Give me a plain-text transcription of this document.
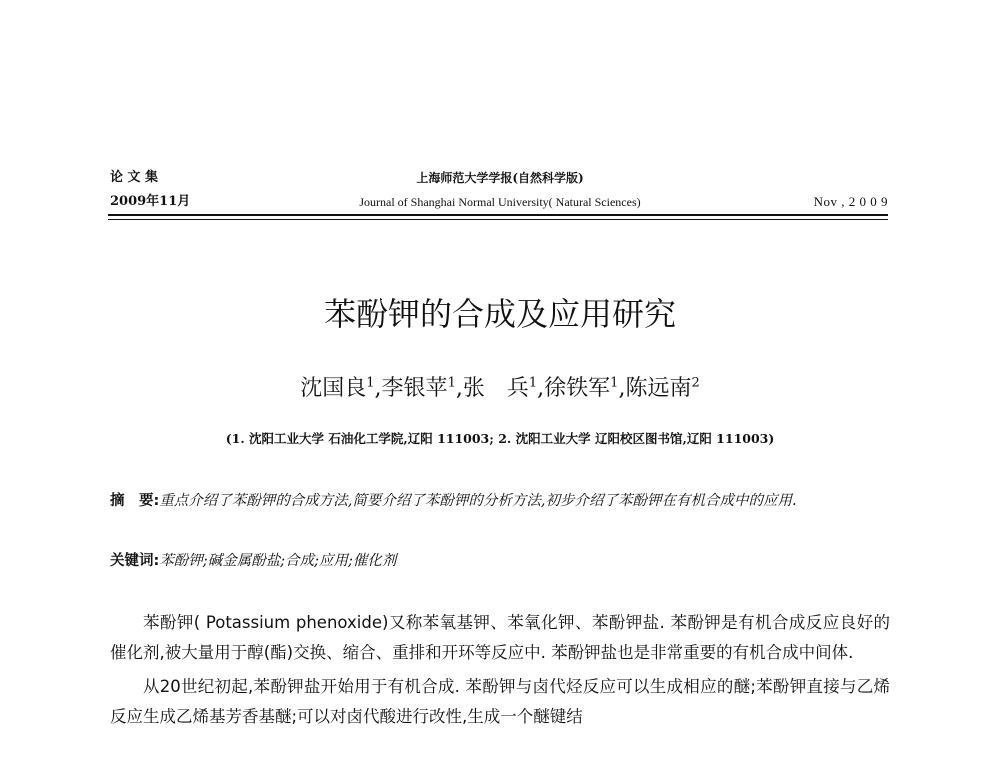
论 文 集
2009年11月
上海师范大学学报(自然科学版)
Journal of Shanghai Normal University( Natural Sciences)	Nov , 2 0 0 9
苯酚钾的合成及应用研究
沈国良$^1$,李银苹$^1$,张　兵$^1$,徐铁军$^1$,陈远南$^2$
(1. 沈阳工业大学 石油化工学院,辽阳 111003; 2. 沈阳工业大学 辽阳校区图书馆,辽阳 111003)
摘　要:重点介绍了苯酚钾的合成方法,简要介绍了苯酚钾的分析方法,初步介绍了苯酚钾在有机合成中的应用.
关键词:苯酚钾;碱金属酚盐;合成;应用;催化剂

苯酚钾( Potassium phenoxide)又称苯氧基钾、苯氧化钾、苯酚钾盐. 苯酚钾是有机合成反应良好的催化剂,被大量用于醇(酯)交换、缩合、重排和开环等反应中. 苯酚钾盐也是非常重要的有机合成中间体.

从20世纪初起,苯酚钾盐开始用于有机合成. 苯酚钾与卤代烃反应可以生成相应的醚;苯酚钾直接与乙烯反应生成乙烯基芳香基醚;可以对卤代酸进行改性,生成一个醚键结
